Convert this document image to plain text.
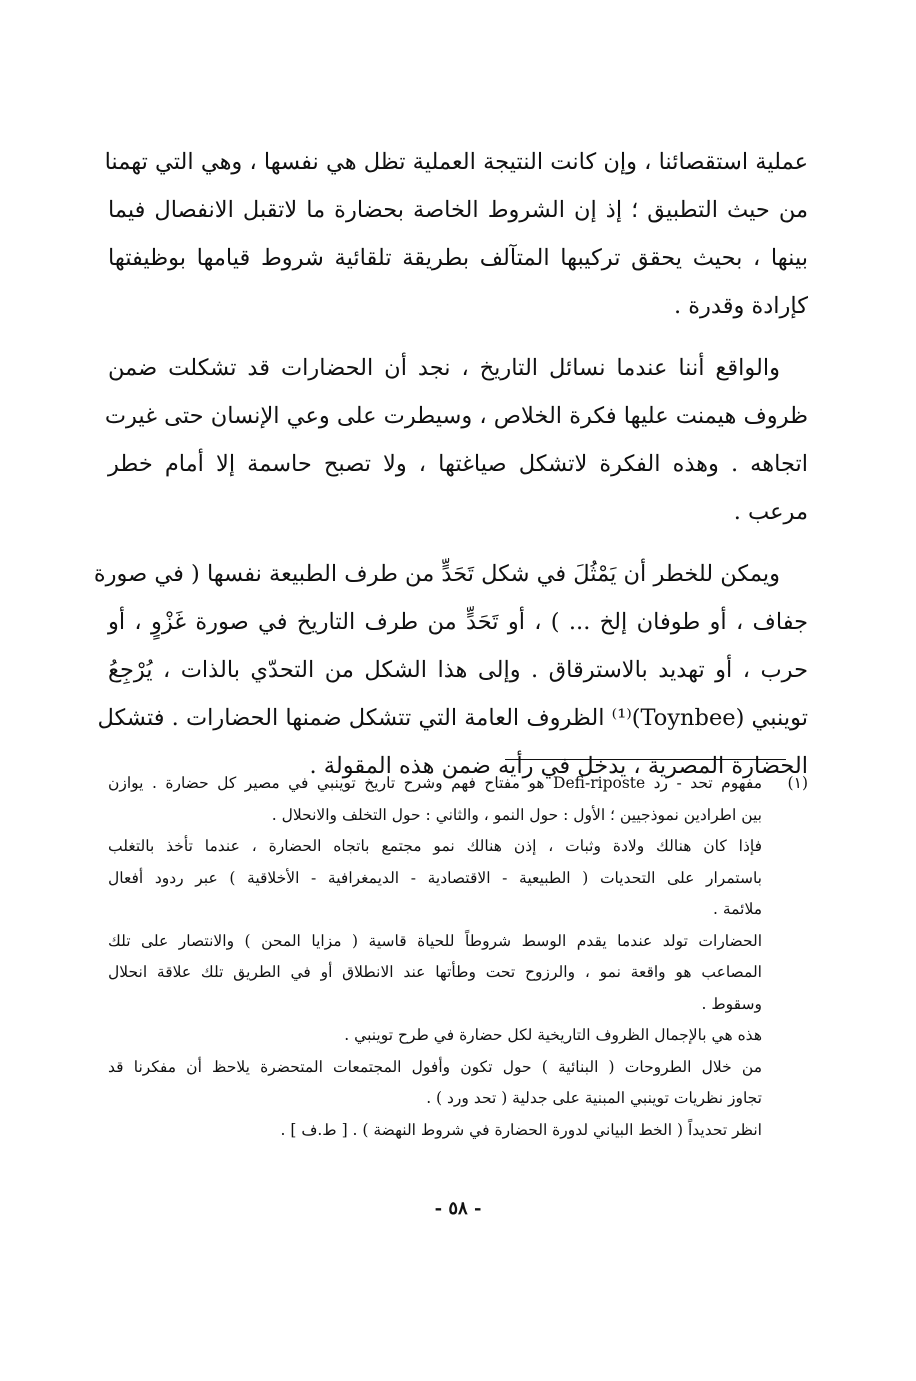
عملية استقصائنا ، وإن كانت النتيجة العملية تظل هي نفسها ، وهي التي تهمنا
من حيث التطبيق ؛ إذ إن الشروط الخاصة بحضارة ما لاتقبل الانفصال فيما
بينها ، بحيث يحقق تركيبها المتآلف بطريقة تلقائية شروط قيامها بوظيفتها
كإرادة وقدرة .

والواقع أننا عندما نسائل التاريخ ، نجد أن الحضارات قد تشكلت ضمن
ظروف هيمنت عليها فكرة الخلاص ، وسيطرت على وعي الإنسان حتى غيرت
اتجاهه . وهذه الفكرة لاتشكل صياغتها ، ولا تصبح حاسمة إلا أمام خطر
مرعب .

ويمكن للخطر أن يَمْثُلَ في شكل تَحَدٍّ من طرف الطبيعة نفسها ( في صورة
جفاف ، أو طوفان إلخ ... ) ، أو تَحَدٍّ من طرف التاريخ في صورة غَزْوٍ ، أو
حرب ، أو تهديد بالاسترقاق . وإلى هذا الشكل من التحدّي بالذات ، يُرْجِعُ
توينبي (Toynbee)⁽¹⁾ الظروف العامة التي تتشكل ضمنها الحضارات . فتشكل
الحضارة المصرية ، يدخل في رأيه ضمن هذه المقولة .

(١)
مفهوم تحد - رد Defi-riposte هو مفتاح فهم وشرح تاريخ توينبي في مصير كل حضارة . يوازن
بين اطرادين نموذجيين ؛ الأول : حول النمو ، والثاني : حول التخلف والانحلال .
فإذا كان هنالك ولادة وثبات ، إذن هنالك نمو مجتمع باتجاه الحضارة ، عندما تأخذ بالتغلب
باستمرار على التحديات ( الطبيعية - الاقتصادية - الديمغرافية - الأخلاقية ) عبر ردود أفعال
ملائمة .
الحضارات تولد عندما يقدم الوسط شروطاً للحياة قاسية ( مزايا المحن ) والانتصار على تلك
المصاعب هو واقعة نمو ، والرزوح تحت وطأتها عند الانطلاق أو في الطريق تلك علاقة انحلال
وسقوط .
هذه هي بالإجمال الظروف التاريخية لكل حضارة في طرح توينبي .
من خلال الطروحات ( البنائية ) حول تكون وأفول المجتمعات المتحضرة يلاحظ أن مفكرنا قد
تجاوز نظريات توينبي المبنية على جدلية ( تحد ورد ) .
انظر تحديداً ( الخط البياني لدورة الحضارة في شروط النهضة ) . [ ط.ف ] .
- ٥٨ -
